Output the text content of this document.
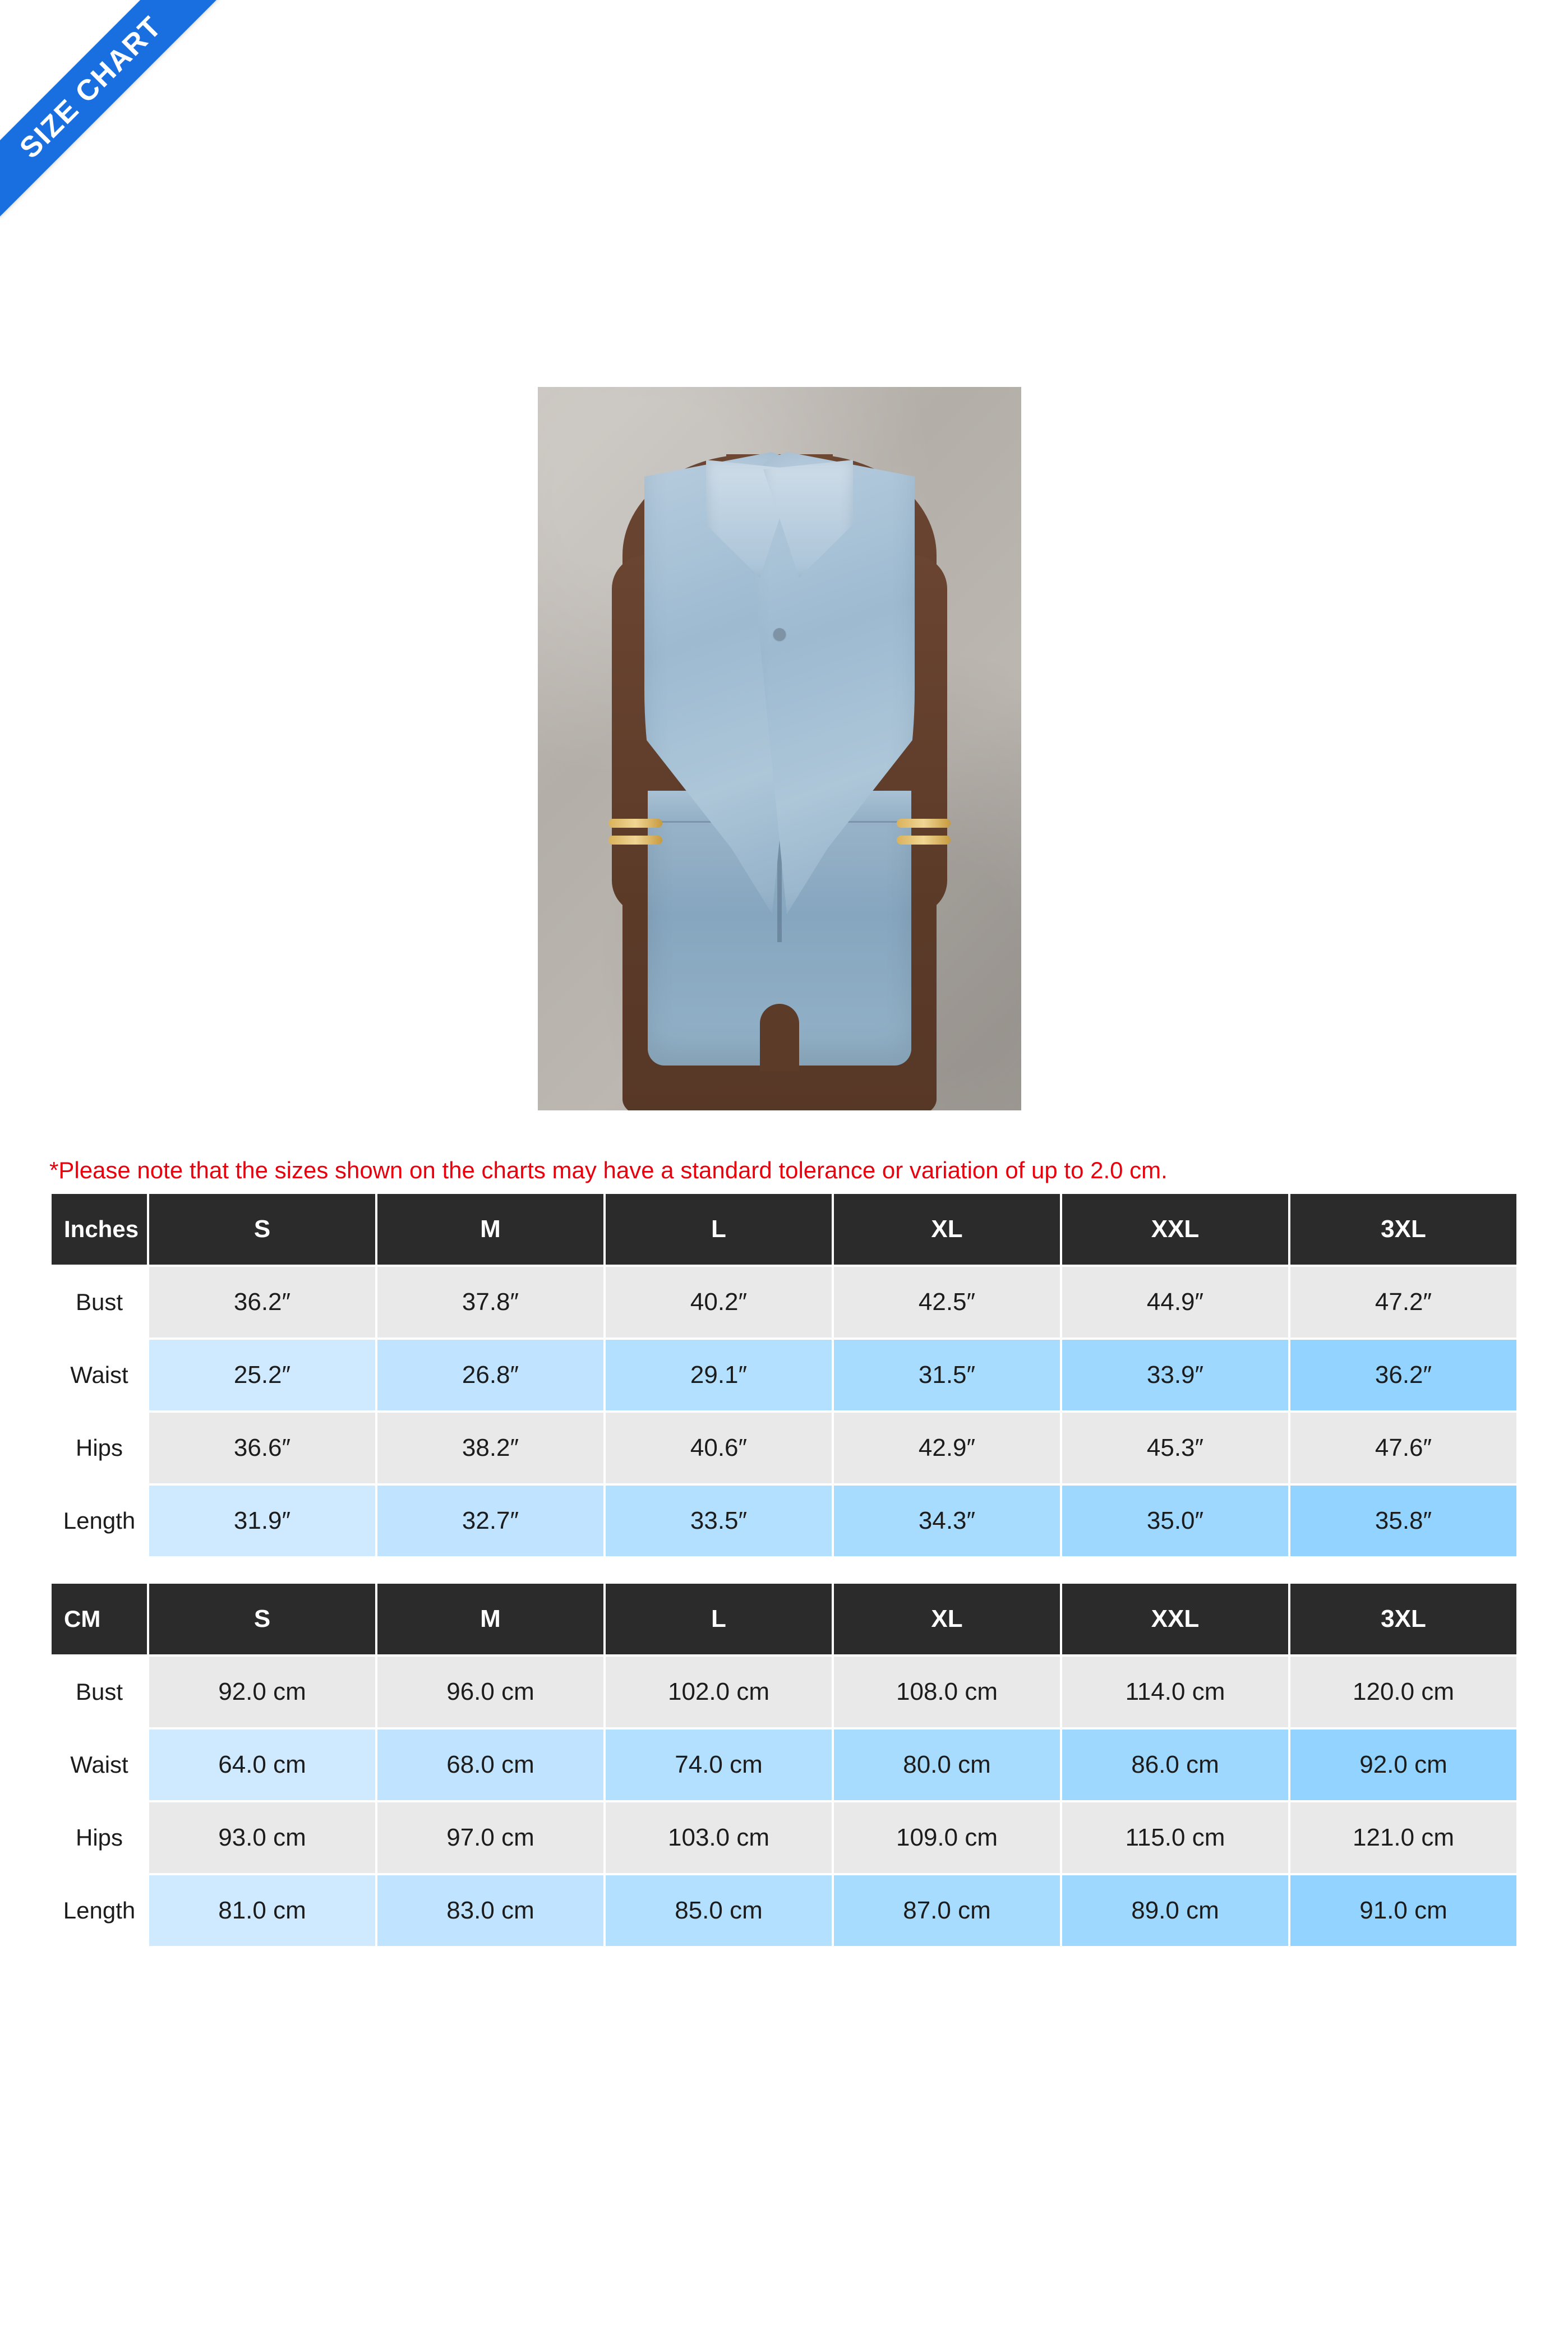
SIZE CHART

*Please note that the sizes shown on the charts may have a standard tolerance or variation of up to 2.0 cm.

Inches	S	M	L	XL	XXL	3XL
Bust	36.2″	37.8″	40.2″	42.5″	44.9″	47.2″
Waist	25.2″	26.8″	29.1″	31.5″	33.9″	36.2″
Hips	36.6″	38.2″	40.6″	42.9″	45.3″	47.6″
Length	31.9″	32.7″	33.5″	34.3″	35.0″	35.8″
CM	S	M	L	XL	XXL	3XL
Bust	92.0 cm	96.0 cm	102.0 cm	108.0 cm	114.0 cm	120.0 cm
Waist	64.0 cm	68.0 cm	74.0 cm	80.0 cm	86.0 cm	92.0 cm
Hips	93.0 cm	97.0 cm	103.0 cm	109.0 cm	115.0 cm	121.0 cm
Length	81.0 cm	83.0 cm	85.0 cm	87.0 cm	89.0 cm	91.0 cm
